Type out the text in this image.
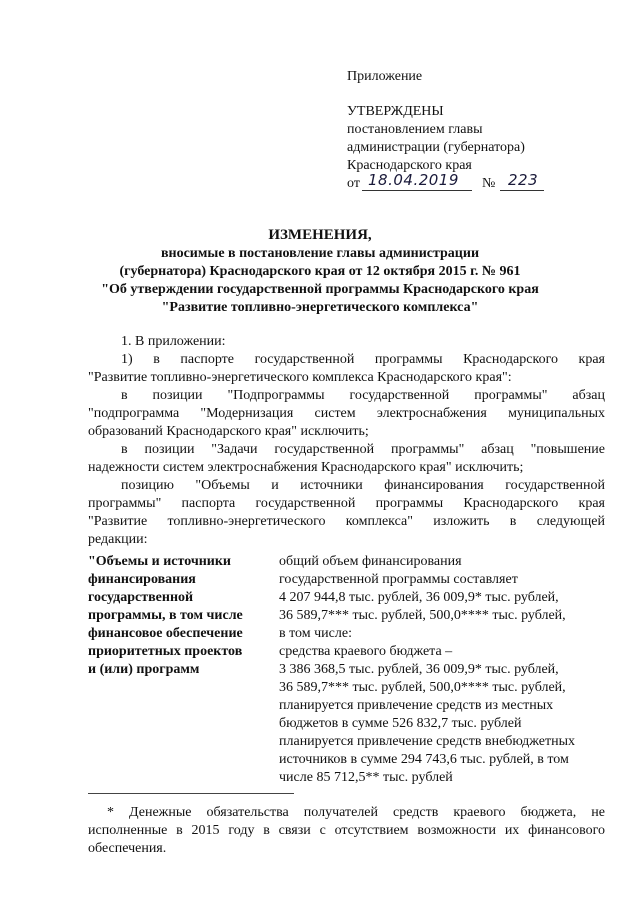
Приложение
УТВЕРЖДЕНЫ
постановлением главы
администрации (губернатора)
Краснодарского края
от 18.04.2019 № 223
ИЗМЕНЕНИЯ,
вносимые в постановление главы администрации
(губернатора) Краснодарского края от 12 октября 2015 г. № 961
"Об утверждении государственной программы Краснодарского края
"Развитие топливно-энергетического комплекса"
1. В приложении:
1) в паспорте государственной программы Краснодарского края
"Развитие топливно-энергетического комплекса Краснодарского края":
в позиции "Подпрограммы государственной программы" абзац
"подпрограмма "Модернизация систем электроснабжения муниципальных
образований Краснодарского края" исключить;
в позиции "Задачи государственной программы" абзац "повышение
надежности систем электроснабжения Краснодарского края" исключить;
позицию "Объемы и источники финансирования государственной
программы" паспорта государственной программы Краснодарского края
"Развитие топливно-энергетического комплекса" изложить в следующей
редакции:
"Объемы и источники
финансирования
государственной
программы, в том числе
финансовое обеспечение
приоритетных проектов
и (или) программ
общий объем финансирования
государственной программы составляет
4 207 944,8 тыс. рублей, 36 009,9* тыс. рублей,
36 589,7*** тыс. рублей, 500,0**** тыс. рублей,
в том числе:
средства краевого бюджета –
3 386 368,5 тыс. рублей, 36 009,9* тыс. рублей,
36 589,7*** тыс. рублей, 500,0**** тыс. рублей,
планируется привлечение средств из местных
бюджетов в сумме 526 832,7 тыс. рублей
планируется привлечение средств внебюджетных
источников в сумме 294 743,6 тыс. рублей, в том
числе 85 712,5** тыс. рублей
* Денежные обязательства получателей средств краевого бюджета, не
исполненные в 2015 году в связи с отсутствием возможности их финансового
обеспечения.
